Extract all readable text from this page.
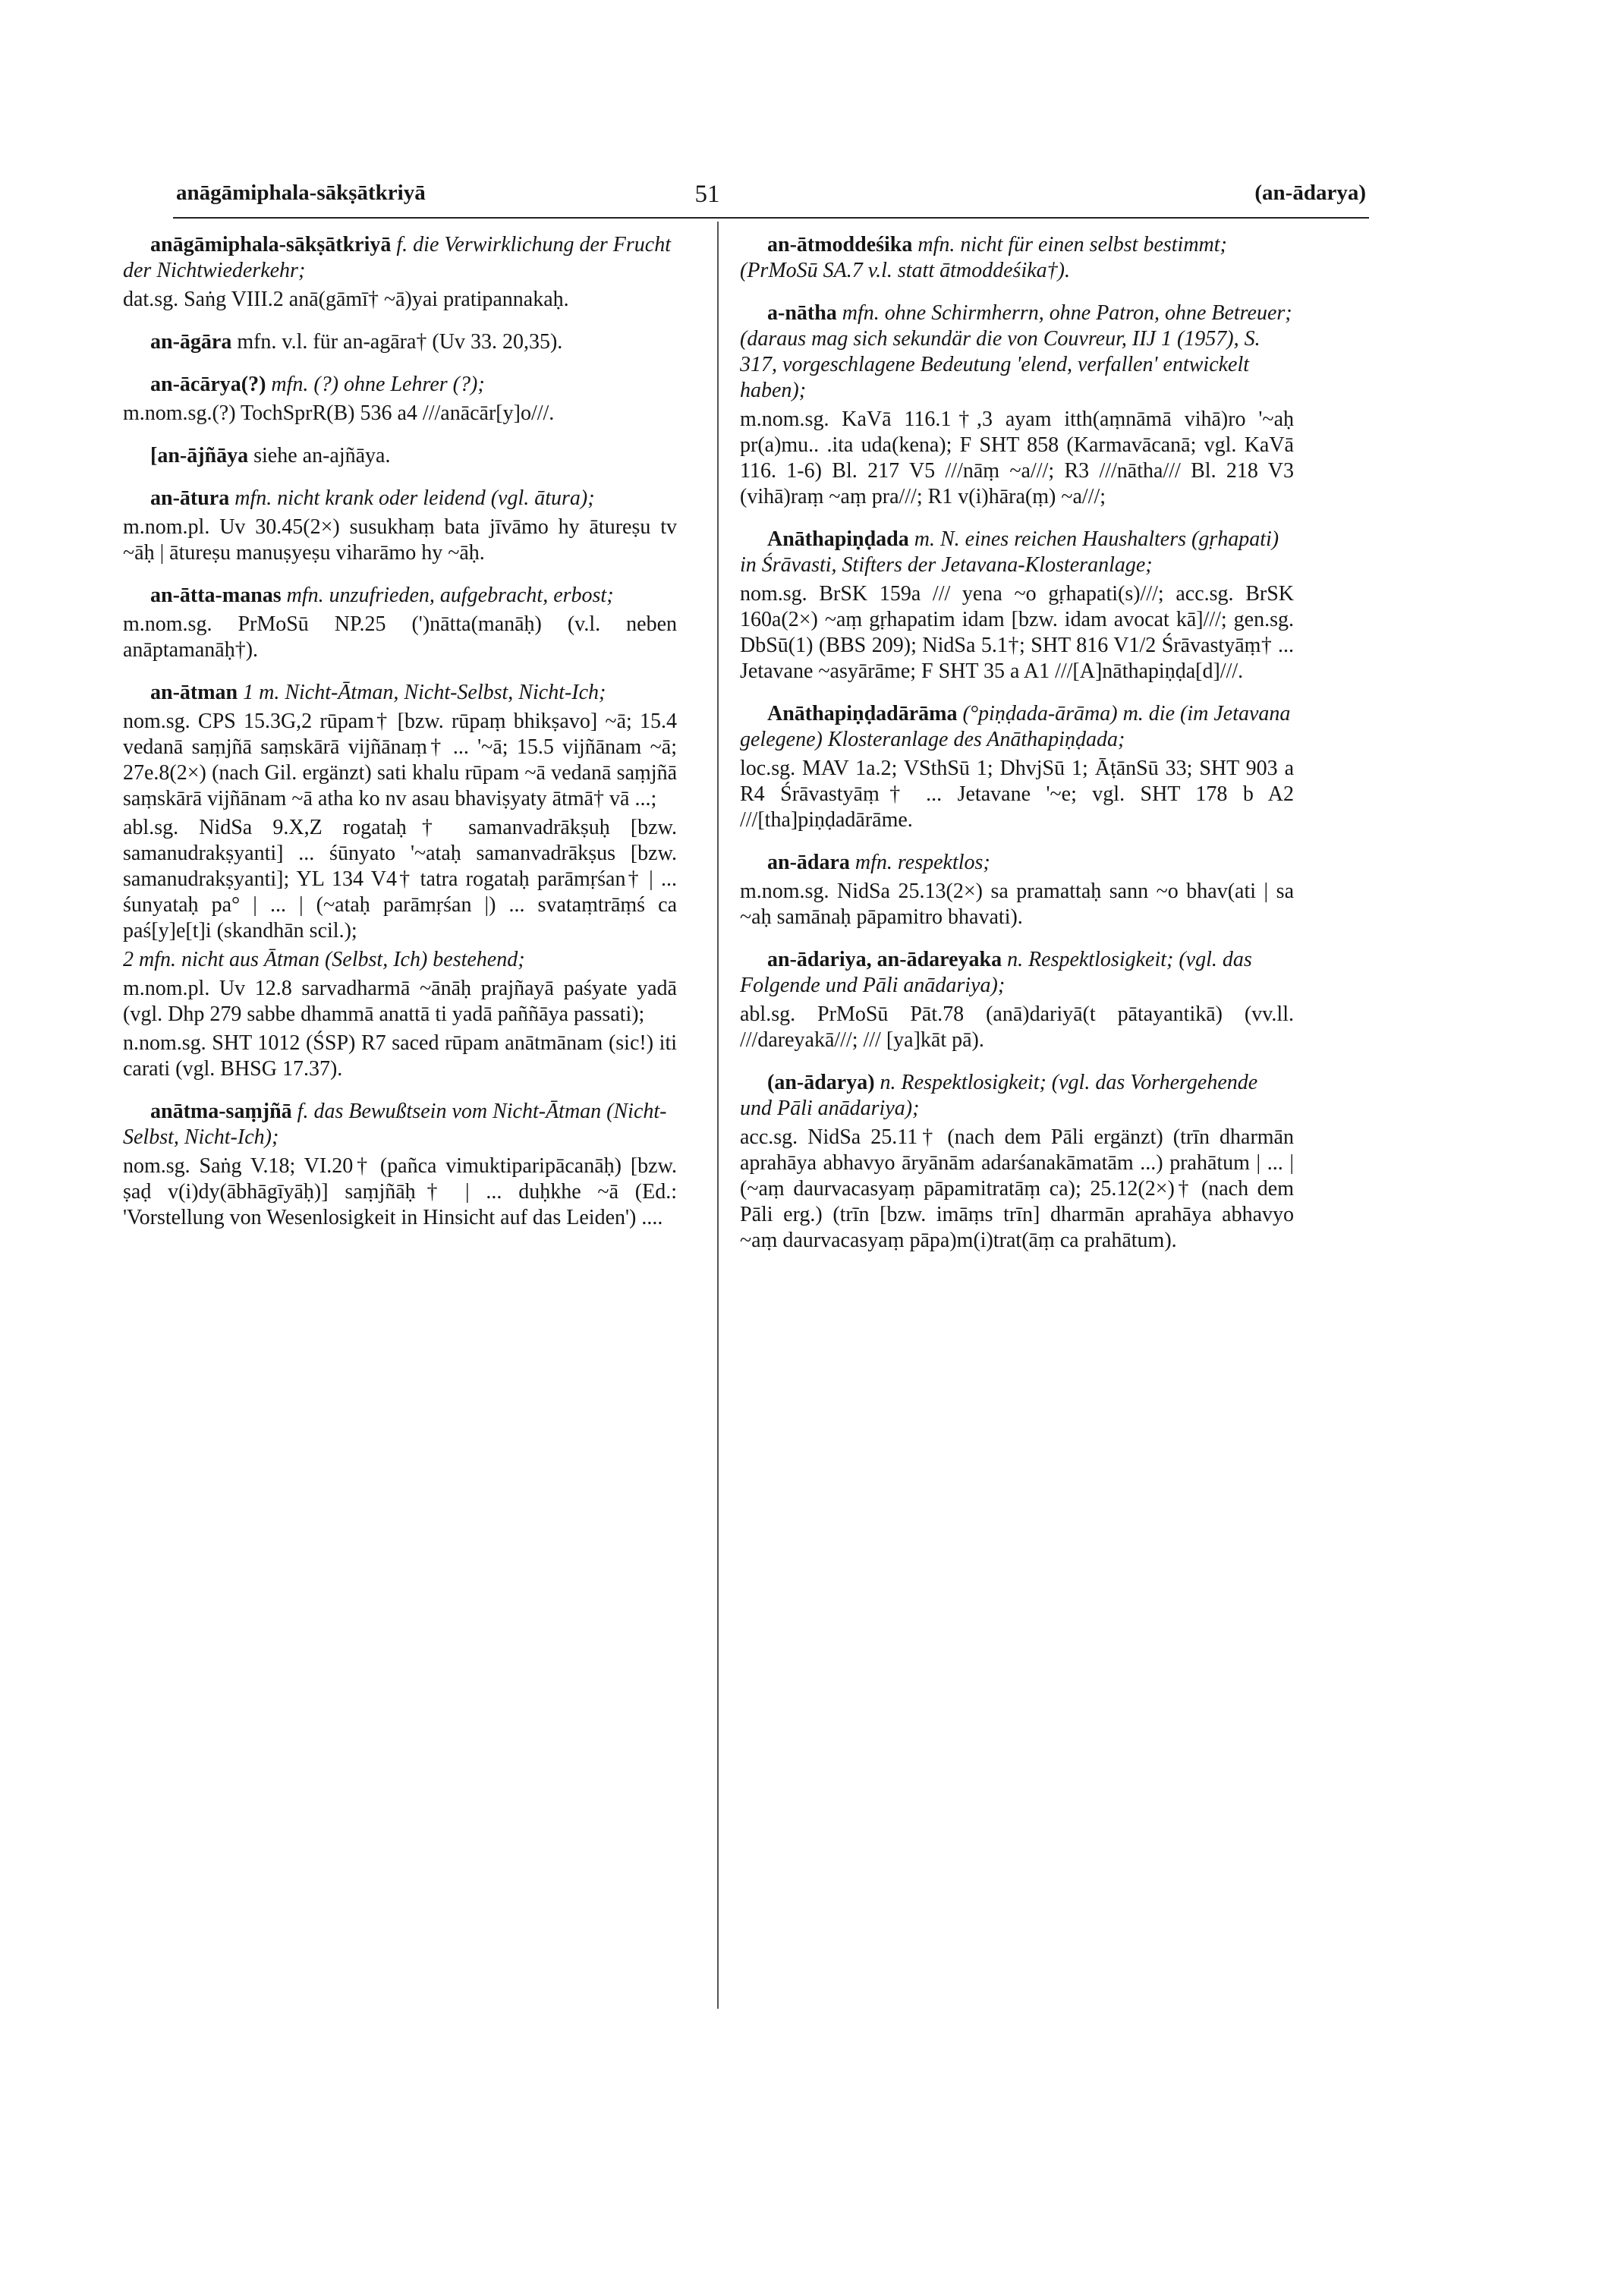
anāgāmiphala-sākṣātkriyā	51	(an-ādarya)

anāgāmiphala-sākṣātkriyā f. die Verwirklichung der Frucht der Nichtwiederkehr;

dat.sg. Saṅg VIII.2 anā(gāmī† ~ā)yai pratipannakaḥ.

an-āgāra mfn. v.l. für an-agāra† (Uv 33. 20,35).

an-ācārya(?) mfn. (?) ohne Lehrer (?);

m.nom.sg.(?) TochSprR(B) 536 a4 ///anācār[y]o///.

[an-ājñāya siehe an-ajñāya.

an-ātura mfn. nicht krank oder leidend (vgl. ātura);

m.nom.pl. Uv 30.45(2×) susukhaṃ bata jīvāmo hy ātureṣu tv ~āḥ | ātureṣu manuṣyeṣu viharāmo hy ~āḥ.

an-ātta-manas mfn. unzufrieden, aufgebracht, erbost;

m.nom.sg. PrMoSū NP.25 (')nātta(manāḥ) (v.l. neben anāptamanāḥ†).

an-ātman 1 m. Nicht-Ātman, Nicht-Selbst, Nicht-Ich;

nom.sg. CPS 15.3G,2 rūpam† [bzw. rūpaṃ bhikṣavo] ~ā; 15.4 vedanā saṃjñā saṃskārā vijñānaṃ† ... '~ā; 15.5 vijñānam ~ā; 27e.8(2×) (nach Gil. ergänzt) sati khalu rūpam ~ā vedanā saṃjñā saṃskārā vijñānam ~ā atha ko nv asau bhaviṣyaty ātmā† vā ...;

abl.sg. NidSa 9.X,Z rogataḥ† samanvadrākṣuḥ [bzw. samanudrakṣyanti] ... śūnyato '~ataḥ samanvadrākṣus [bzw. samanudrakṣyanti]; YL 134 V4† tatra rogataḥ parāmṛśan† | ... śunyataḥ pa° | ... | (~ataḥ parāmṛśan |) ... svataṃtrāṃś ca paś[y]e[t]i (skandhān scil.);

2 mfn. nicht aus Ātman (Selbst, Ich) bestehend;

m.nom.pl. Uv 12.8 sarvadharmā ~ānāḥ prajñayā paśyate yadā (vgl. Dhp 279 sabbe dhammā anattā ti yadā paññāya passati);

n.nom.sg. SHT 1012 (ŚSP) R7 saced rūpam anātmānam (sic!) iti carati (vgl. BHSG 17.37).

anātma-saṃjñā f. das Bewußtsein vom Nicht-Ātman (Nicht-Selbst, Nicht-Ich);

nom.sg. Saṅg V.18; VI.20† (pañca vimuktiparipācanāḥ) [bzw. ṣaḍ v(i)dy(ābhāgīyāḥ)] saṃjñāḥ† | ... duḥkhe ~ā (Ed.: 'Vorstellung von Wesenlosigkeit in Hinsicht auf das Leiden') ....

an-ātmoddeśika mfn. nicht für einen selbst bestimmt; (PrMoSū SA.7 v.l. statt ātmoddeśika†).

a-nātha mfn. ohne Schirmherrn, ohne Patron, ohne Betreuer; (daraus mag sich sekundär die von Couvreur, IIJ 1 (1957), S. 317, vorgeschlagene Bedeutung 'elend, verfallen' entwickelt haben);

m.nom.sg. KaVā 116.1†,3 ayam itth(aṃnāmā vihā)ro '~aḥ pr(a)mu.. .ita uda(kena); F SHT 858 (Karmavācanā; vgl. KaVā 116. 1-6) Bl. 217 V5 ///nāṃ ~a///; R3 ///nātha/// Bl. 218 V3 (vihā)raṃ ~aṃ pra///; R1 v(i)hāra(ṃ) ~a///;

Anāthapiṇḍada m. N. eines reichen Haushalters (gṛhapati) in Śrāvasti, Stifters der Jetavana-Klosteranlage;

nom.sg. BrSK 159a /// yena ~o gṛhapati(s)///; acc.sg. BrSK 160a(2×) ~aṃ gṛhapatim idam [bzw. idam avocat kā]///; gen.sg. DbSū(1) (BBS 209); NidSa 5.1†; SHT 816 V1/2 Śrāvastyāṃ† ... Jetavane ~asyārāme; F SHT 35 a A1 ///[A]nāthapiṇḍa[d]///.

Anāthapiṇḍadārāma (°piṇḍada-ārāma) m. die (im Jetavana gelegene) Klosteranlage des Anāthapiṇḍada;

loc.sg. MAV 1a.2; VSthSū 1; DhvjSū 1; ĀṭānSū 33; SHT 903 a R4 Śrāvastyāṃ† ... Jetavane '~e; vgl. SHT 178 b A2 ///[tha]piṇḍadārāme.

an-ādara mfn. respektlos;

m.nom.sg. NidSa 25.13(2×) sa pramattaḥ sann ~o bhav(ati | sa ~aḥ samānaḥ pāpamitro bhavati).

an-ādariya, an-ādareyaka n. Respektlosigkeit; (vgl. das Folgende und Pāli anādariya);

abl.sg. PrMoSū Pāt.78 (anā)dariyā(t pātayantikā) (vv.ll. ///dareyakā///; /// [ya]kāt pā).

(an-ādarya) n. Respektlosigkeit; (vgl. das Vorhergehende und Pāli anādariya);

acc.sg. NidSa 25.11† (nach dem Pāli ergänzt) (trīn dharmān aprahāya abhavyo āryānām adarśanakāmatām ...) prahātum | ... | (~aṃ daurvacasyaṃ pāpamitratāṃ ca); 25.12(2×)† (nach dem Pāli erg.) (trīn [bzw. imāṃs trīn] dharmān aprahāya abhavyo ~aṃ daurvacasyaṃ pāpa)m(i)trat(āṃ ca prahātum).
